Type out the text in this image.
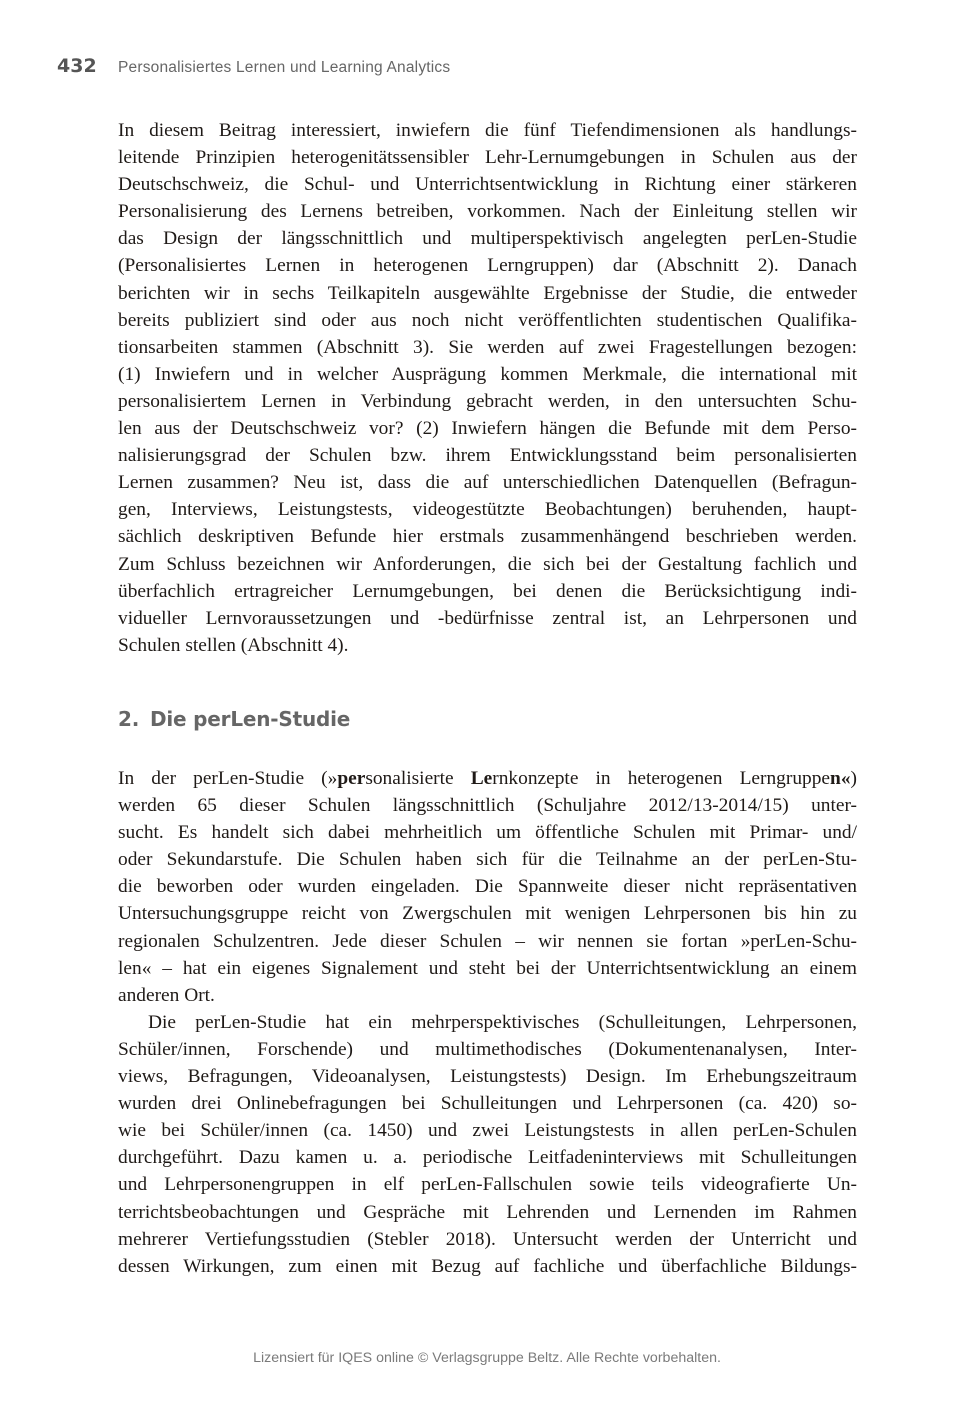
432	Personalisiertes Lernen und Learning Analytics
In diesem Beitrag interessiert, inwiefern die fünf Tiefendimensionen als handlungs-
leitende Prinzipien heterogenitätssensibler Lehr-Lernumgebungen in Schulen aus der
Deutschschweiz, die Schul- und Unterrichtsentwicklung in Richtung einer stärkeren
Personalisierung des Lernens betreiben, vorkommen. Nach der Einleitung stellen wir
das Design der längsschnittlich und multiperspektivisch angelegten perLen-Studie
(Personalisiertes Lernen in heterogenen Lerngruppen) dar (Abschnitt 2). Danach
berichten wir in sechs Teilkapiteln ausgewählte Ergebnisse der Studie, die entweder
bereits publiziert sind oder aus noch nicht veröffentlichten studentischen Qualifika-
tionsarbeiten stammen (Abschnitt 3). Sie werden auf zwei Fragestellungen bezogen:
(1) Inwiefern und in welcher Ausprägung kommen Merkmale, die international mit
personalisiertem Lernen in Verbindung gebracht werden, in den untersuchten Schu-
len aus der Deutschschweiz vor? (2) Inwiefern hängen die Befunde mit dem Perso-
nalisierungsgrad der Schulen bzw. ihrem Entwicklungsstand beim personalisierten
Lernen zusammen? Neu ist, dass die auf unterschiedlichen Datenquellen (Befragun-
gen, Interviews, Leistungstests, videogestützte Beobachtungen) beruhenden, haupt-
sächlich deskriptiven Befunde hier erstmals zusammenhängend beschrieben werden.
Zum Schluss bezeichnen wir Anforderungen, die sich bei der Gestaltung fachlich und
überfachlich ertragreicher Lernumgebungen, bei denen die Berücksichtigung indi-
vidueller Lernvoraussetzungen und -bedürfnisse zentral ist, an Lehrpersonen und
Schulen stellen (Abschnitt 4).
2. Die perLen-Studie
In der perLen-Studie (»personalisierte Lernkonzepte in heterogenen Lerngruppen«)
werden 65 dieser Schulen längsschnittlich (Schuljahre 2012/13-2014/15) unter-
sucht. Es handelt sich dabei mehrheitlich um öffentliche Schulen mit Primar- und/
oder Sekundarstufe. Die Schulen haben sich für die Teilnahme an der perLen-Stu-
die beworben oder wurden eingeladen. Die Spannweite dieser nicht repräsentativen
Untersuchungsgruppe reicht von Zwergschulen mit wenigen Lehrpersonen bis hin zu
regionalen Schulzentren. Jede dieser Schulen – wir nennen sie fortan »perLen-Schu-
len« – hat ein eigenes Signalement und steht bei der Unterrichtsentwicklung an einem
anderen Ort.
Die perLen-Studie hat ein mehrperspektivisches (Schulleitungen, Lehrpersonen,
Schüler/innen, Forschende) und multimethodisches (Dokumentenanalysen, Inter-
views, Befragungen, Videoanalysen, Leistungstests) Design. Im Erhebungszeitraum
wurden drei Onlinebefragungen bei Schulleitungen und Lehrpersonen (ca. 420) so-
wie bei Schüler/innen (ca. 1450) und zwei Leistungstests in allen perLen-Schulen
durchgeführt. Dazu kamen u. a. periodische Leitfadeninterviews mit Schulleitungen
und Lehrpersonengruppen in elf perLen-Fallschulen sowie teils videografierte Un-
terrichtsbeobachtungen und Gespräche mit Lehrenden und Lernenden im Rahmen
mehrerer Vertiefungsstudien (Stebler 2018). Untersucht werden der Unterricht und
dessen Wirkungen, zum einen mit Bezug auf fachliche und überfachliche Bildungs-
Lizensiert für IQES online © Verlagsgruppe Beltz. Alle Rechte vorbehalten.
